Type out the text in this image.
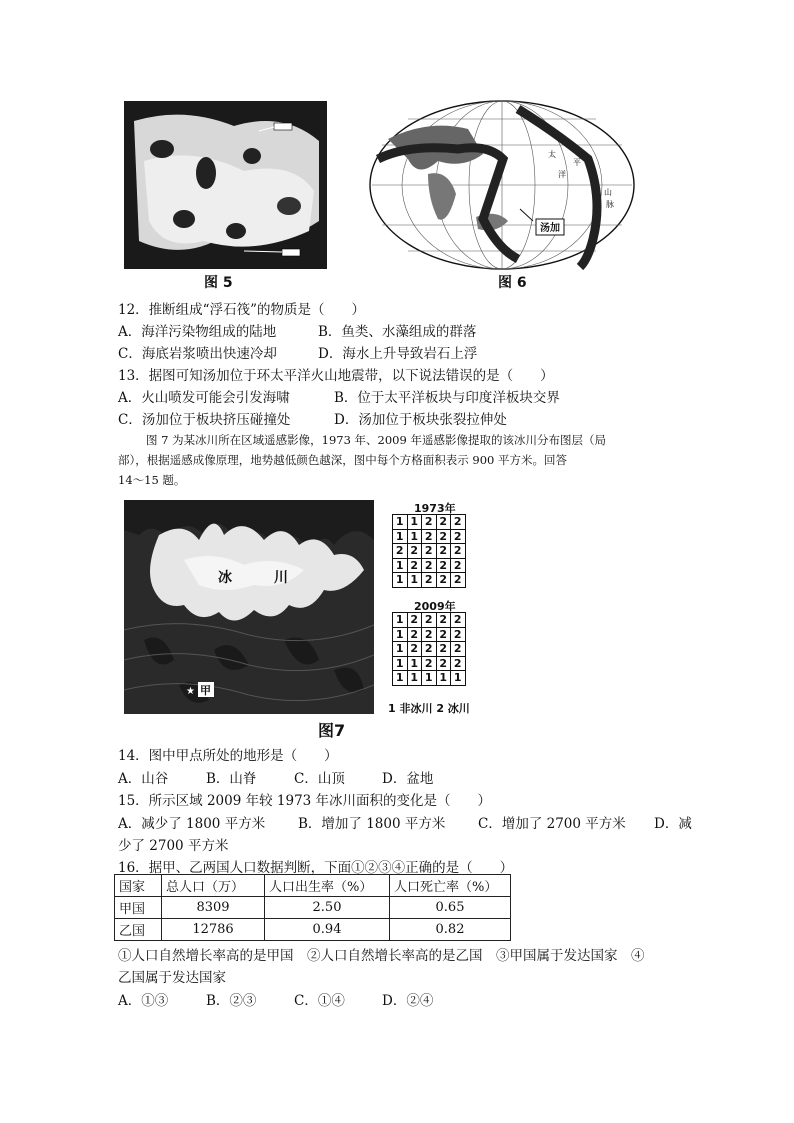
图 5
太
平
洋
山
脉
汤加
图 6
12．推断组成“浮石筏”的物质是（　　）
A．海洋污染物组成的陆地	B．鱼类、水藻组成的群落
C．海底岩浆喷出快速冷却	D．海水上升导致岩石上浮
13．据图可知汤加位于环太平洋火山地震带，以下说法错误的是（　　）
A．火山喷发可能会引发海啸	B．位于太平洋板块与印度洋板块交界
C．汤加位于板块挤压碰撞处	D．汤加位于板块张裂拉伸处
图 7 为某冰川所在区域遥感影像，1973 年、2009 年遥感影像提取的该冰川分布图层（局
部），根据遥感成像原理，地势越低颜色越深，图中每个方格面积表示 900 平方米。回答
14～15 题。
冰	川
甲
★
图7
1973年
1	1	2	2	2
1	1	2	2	2
2	2	2	2	2
1	2	2	2	2
1	1	2	2	2
2009年
1	2	2	2	2
1	2	2	2	2
1	2	2	2	2
1	1	2	2	2
1	1	1	1	1
1 非冰川 2 冰川
14．图中甲点所处的地形是（　　）
A．山谷	B．山脊	C．山顶	D．盆地
15．所示区域 2009 年较 1973 年冰川面积的变化是（　　）
A．减少了 1800 平方米 B．增加了 1800 平方米 C．增加了 2700 平方米 D．减
少了 2700 平方米
16．据甲、乙两国人口数据判断，下面①②③④正确的是（　　）
国家	总人口（万）	人口出生率（%）	人口死亡率（%）
甲国	8309	2.50	0.65
乙国	12786	0.94	0.82
①人口自然增长率高的是甲国　②人口自然增长率高的是乙国　③甲国属于发达国家　④
乙国属于发达国家
A．①③	B．②③	C．①④	D．②④
